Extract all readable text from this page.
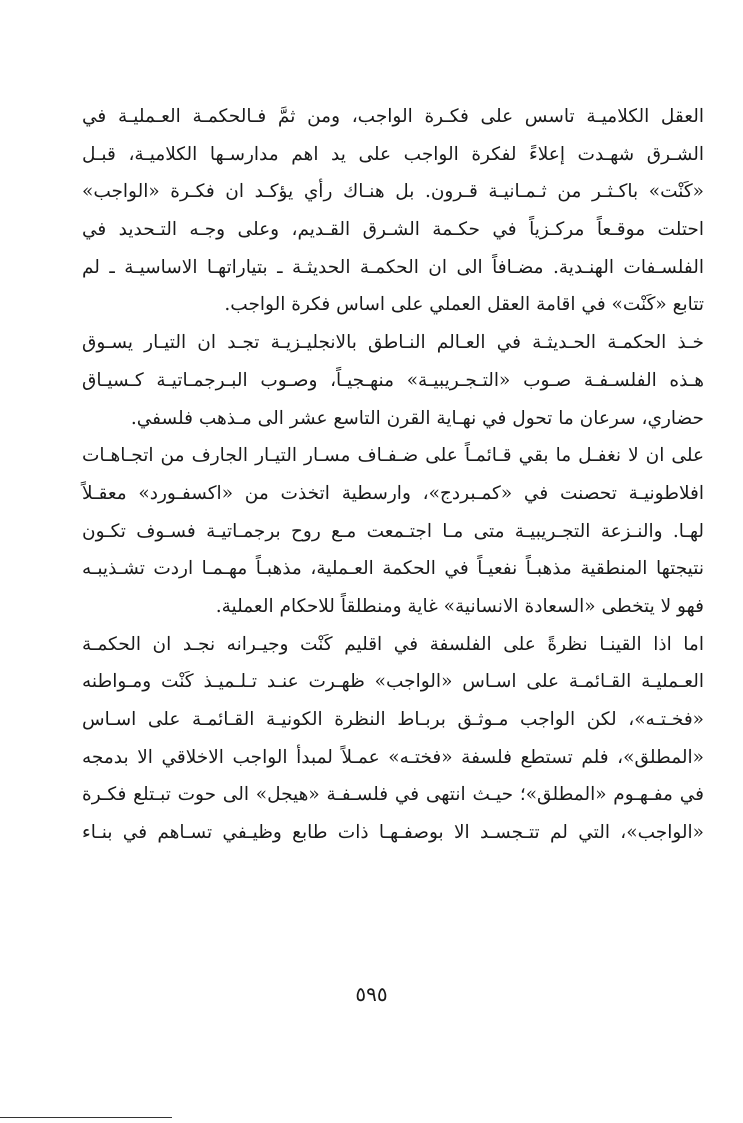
العقل الكلاميـة تاسس على فكـرة الواجب، ومن ثمَّ فـالحكمـة العـمليـة في
الشـرق شهـدت إعلاءً لفكرة الواجب على يد اهم مدارسـها الكلاميـة، قبـل
«كَنْت» باكـثـر من ثـمـانيـة قـرون. بل هنـاك رأي يؤكـد ان فكـرة «الواجب»
احتلت موقـعاً مركـزياً في حكـمة الشـرق القـديم، وعلى وجـه التـحديد في
الفلسـفات الهنـدية. مضـافاً الى ان الحكمـة الحديثـة ـ بتياراتهـا الاساسيـة ـ لم
تتابع «كَنْت» في اقامة العقل العملي على اساس فكرة الواجب.
خـذ الحكمـة الحـديثـة في العـالم النـاطق بالانجليـزيـة تجـد ان التيـار يسـوق
هـذه الفلسـفـة صـوب «التـجـريبيـة» منهـجيـاً، وصـوب البـرجمـاتيـة كـسيـاق
حضاري، سرعان ما تحول في نهـاية القرن التاسع عشر الى مـذهب فلسفي.
على ان لا نغفـل ما بقي قـائمـاً على ضـفـاف مسـار التيـار الجارف من اتجـاهـات
افلاطونيـة تحصنت في «كمـبردج»، وارسطية اتخذت من «اكسفـورد» معقـلاً
لهـا. والنـزعة التجـريبيـة متى مـا اجتـمعت مـع روح برجمـاتيـة فسـوف تكـون
نتيجتها المنطقية مذهبـاً نفعيـاً في الحكمة العـملية، مذهبـاً مهـمـا اردت تشـذيبـه
فهو لا يتخطى «السعادة الانسانية» غاية ومنطلقاً للاحكام العملية.
اما اذا القينـا نظرةً على الفلسفة في اقليم كَنْت وجيـرانه نجـد ان الحكمـة
العـمليـة القـائمـة على اسـاس «الواجب» ظهـرت عنـد تـلـميـذ كَنْت ومـواطنه
«فخـتـه»، لكن الواجب مـوثـق بربـاط النظرة الكونيـة القـائمـة على اسـاس
«المطلق»، فلم تستطع فلسفة «فختـه» عمـلاً لمبدأ الواجب الاخلاقي الا بدمجه
في مفـهـوم «المطلق»؛ حيـث انتهى في فلسـفـة «هيجل» الى حوت تبـتلع فكـرة
«الواجب»، التي لم تتـجسـد الا بوصفـهـا ذات طابع وظيـفي تسـاهم في بنـاء
٥٩٥
